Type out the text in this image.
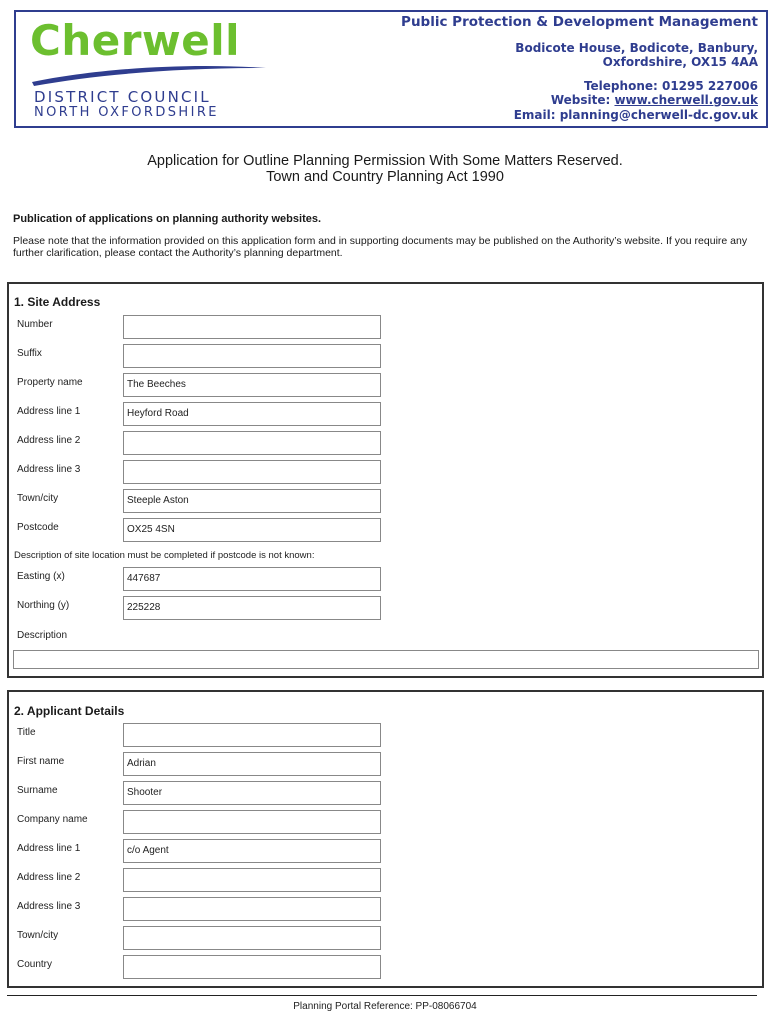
Cherwell
DISTRICT COUNCIL
NORTH OXFORDSHIRE
Public Protection & Development Management
Bodicote House, Bodicote, Banbury,
Oxfordshire, OX15 4AA
Telephone: 01295 227006
Website: www.cherwell.gov.uk
Email: planning@cherwell-dc.gov.uk
Application for Outline Planning Permission With Some Matters Reserved.
Town and Country Planning Act 1990
Publication of applications on planning authority websites.
Please note that the information provided on this application form and in supporting documents may be published on the Authority’s website. If you require any further clarification, please contact the Authority’s planning department.
1. Site Address
Number
Suffix
Property name	The Beeches
Address line 1	Heyford Road
Address line 2
Address line 3
Town/city	Steeple Aston
Postcode	OX25 4SN
Description of site location must be completed if postcode is not known:
Easting (x)	447687
Northing (y)	225228
Description
2. Applicant Details
Title
First name	Adrian
Surname	Shooter
Company name
Address line 1	c/o Agent
Address line 2
Address line 3
Town/city
Country
Planning Portal Reference: PP-08066704
